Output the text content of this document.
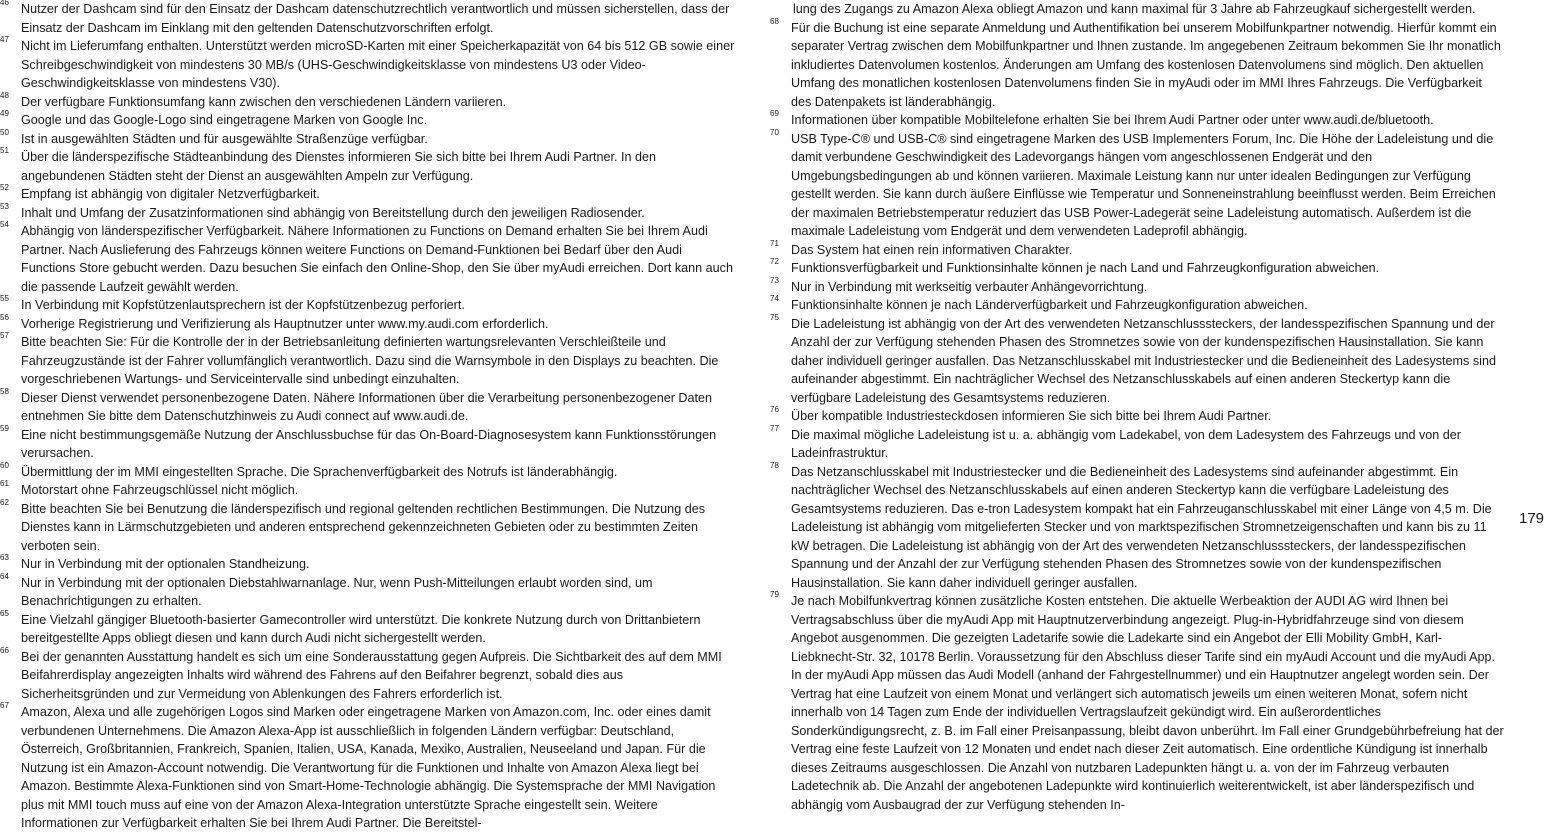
46 Nutzer der Dashcam sind für den Einsatz der Dashcam datenschutzrechtlich verantwortlich und müssen sicherstellen, dass der Einsatz der Dashcam im Einklang mit den geltenden Datenschutzvorschriften erfolgt.

47 Nicht im Lieferumfang enthalten. Unterstützt werden microSD-Karten mit einer Speicherkapazität von 64 bis 512 GB sowie einer Schreibgeschwindigkeit von mindestens 30 MB/s (UHS-Geschwindigkeitsklasse von mindestens U3 oder Video-Geschwindigkeitsklasse von mindestens V30).

48 Der verfügbare Funktionsumfang kann zwischen den verschiedenen Ländern variieren.

49 Google und das Google-Logo sind eingetragene Marken von Google Inc.

50 Ist in ausgewählten Städten und für ausgewählte Straßenzüge verfügbar.

51 Über die länderspezifische Städteanbindung des Dienstes informieren Sie sich bitte bei Ihrem Audi Partner. In den angebundenen Städten steht der Dienst an ausgewählten Ampeln zur Verfügung.

52 Empfang ist abhängig von digitaler Netzverfügbarkeit.

53 Inhalt und Umfang der Zusatzinformationen sind abhängig von Bereitstellung durch den jeweiligen Radiosender.

54 Abhängig von länderspezifischer Verfügbarkeit. Nähere Informationen zu Functions on Demand erhalten Sie bei Ihrem Audi Partner. Nach Auslieferung des Fahrzeugs können weitere Functions on Demand-Funktionen bei Bedarf über den Audi Functions Store gebucht werden. Dazu besuchen Sie einfach den Online-Shop, den Sie über myAudi erreichen. Dort kann auch die passende Laufzeit gewählt werden.

55 In Verbindung mit Kopfstützenlautsprechern ist der Kopfstützenbezug perforiert.

56 Vorherige Registrierung und Verifizierung als Hauptnutzer unter www.my.audi.com erforderlich.

57 Bitte beachten Sie: Für die Kontrolle der in der Betriebsanleitung definierten wartungsrelevanten Verschleißteile und Fahrzeugzustände ist der Fahrer vollumfänglich verantwortlich. Dazu sind die Warnsymbole in den Displays zu beachten. Die vorgeschriebenen Wartungs- und Serviceintervalle sind unbedingt einzuhalten.

58 Dieser Dienst verwendet personenbezogene Daten. Nähere Informationen über die Verarbeitung personenbezogener Daten entnehmen Sie bitte dem Datenschutzhinweis zu Audi connect auf www.audi.de.

59 Eine nicht bestimmungsgemäße Nutzung der Anschlussbuchse für das On-Board-Diagnosesystem kann Funktionsstörungen verursachen.

60 Übermittlung der im MMI eingestellten Sprache. Die Sprachenverfügbarkeit des Notrufs ist länderabhängig.

61 Motorstart ohne Fahrzeugschlüssel nicht möglich.

62 Bitte beachten Sie bei Benutzung die länderspezifisch und regional geltenden rechtlichen Bestimmungen. Die Nutzung des Dienstes kann in Lärmschutzgebieten und anderen entsprechend gekennzeichneten Gebieten oder zu bestimmten Zeiten verboten sein.

63 Nur in Verbindung mit der optionalen Standheizung.

64 Nur in Verbindung mit der optionalen Diebstahlwarnanlage. Nur, wenn Push-Mitteilungen erlaubt worden sind, um Benachrichtigungen zu erhalten.

65 Eine Vielzahl gängiger Bluetooth-basierter Gamecontroller wird unterstützt. Die konkrete Nutzung durch von Drittanbietern bereitgestellte Apps obliegt diesen und kann durch Audi nicht sichergestellt werden.

66 Bei der genannten Ausstattung handelt es sich um eine Sonderausstattung gegen Aufpreis. Die Sichtbarkeit des auf dem MMI Beifahrerdisplay angezeigten Inhalts wird während des Fahrens auf den Beifahrer begrenzt, sobald dies aus Sicherheitsgründen und zur Vermeidung von Ablenkungen des Fahrers erforderlich ist.

67 Amazon, Alexa und alle zugehörigen Logos sind Marken oder eingetragene Marken von Amazon.com, Inc. oder eines damit verbundenen Unternehmens. Die Amazon Alexa-App ist ausschließlich in folgenden Ländern verfügbar: Deutschland, Österreich, Großbritannien, Frankreich, Spanien, Italien, USA, Kanada, Mexiko, Australien, Neuseeland und Japan. Für die Nutzung ist ein Amazon-Account notwendig. Die Verantwortung für die Funktionen und Inhalte von Amazon Alexa liegt bei Amazon. Bestimmte Alexa-Funktionen sind von Smart-Home-Technologie abhängig. Die Systemsprache der MMI Navigation plus mit MMI touch muss auf eine von der Amazon Alexa-Integration unterstützte Sprache eingestellt sein. Weitere Informationen zur Verfügbarkeit erhalten Sie bei Ihrem Audi Partner. Die Bereitstel-

lung des Zugangs zu Amazon Alexa obliegt Amazon und kann maximal für 3 Jahre ab Fahrzeugkauf sichergestellt werden.

68 Für die Buchung ist eine separate Anmeldung und Authentifikation bei unserem Mobilfunkpartner notwendig. Hierfür kommt ein separater Vertrag zwischen dem Mobilfunkpartner und Ihnen zustande. Im angegebenen Zeitraum bekommen Sie Ihr monatlich inkludiertes Datenvolumen kostenlos. Änderungen am Umfang des kostenlosen Datenvolumens sind möglich. Den aktuellen Umfang des monatlichen kostenlosen Datenvolumens finden Sie in myAudi oder im MMI Ihres Fahrzeugs. Die Verfügbarkeit des Datenpakets ist länderabhängig.

69 Informationen über kompatible Mobiltelefone erhalten Sie bei Ihrem Audi Partner oder unter www.audi.de/bluetooth.

70 USB Type-C® und USB-C® sind eingetragene Marken des USB Implementers Forum, Inc. Die Höhe der Ladeleistung und die damit verbundene Geschwindigkeit des Ladevorgangs hängen vom angeschlossenen Endgerät und den Umgebungsbedingungen ab und können variieren. Maximale Leistung kann nur unter idealen Bedingungen zur Verfügung gestellt werden. Sie kann durch äußere Einflüsse wie Temperatur und Sonneneinstrahlung beeinflusst werden. Beim Erreichen der maximalen Betriebstemperatur reduziert das USB Power-Ladegerät seine Ladeleistung automatisch. Außerdem ist die maximale Ladeleistung vom Endgerät und dem verwendeten Ladeprofil abhängig.

71 Das System hat einen rein informativen Charakter.

72 Funktionsverfügbarkeit und Funktionsinhalte können je nach Land und Fahrzeugkonfiguration abweichen.

73 Nur in Verbindung mit werkseitig verbauter Anhängevorrichtung.

74 Funktionsinhalte können je nach Länderverfügbarkeit und Fahrzeugkonfiguration abweichen.

75 Die Ladeleistung ist abhängig von der Art des verwendeten Netzanschlusssteckers, der landesspezifischen Spannung und der Anzahl der zur Verfügung stehenden Phasen des Stromnetzes sowie von der kundenspezifischen Hausinstallation. Sie kann daher individuell geringer ausfallen. Das Netzanschlusskabel mit Industriestecker und die Bedieneinheit des Ladesystems sind aufeinander abgestimmt. Ein nachträglicher Wechsel des Netzanschlusskabels auf einen anderen Steckertyp kann die verfügbare Ladeleistung des Gesamtsystems reduzieren.

76 Über kompatible Industriesteckdosen informieren Sie sich bitte bei Ihrem Audi Partner.

77 Die maximal mögliche Ladeleistung ist u. a. abhängig vom Ladekabel, von dem Ladesystem des Fahrzeugs und von der Ladeinfrastruktur.

78 Das Netzanschlusskabel mit Industriestecker und die Bedieneinheit des Ladesystems sind aufeinander abgestimmt. Ein nachträglicher Wechsel des Netzanschlusskabels auf einen anderen Steckertyp kann die verfügbare Ladeleistung des Gesamtsystems reduzieren. Das e-tron Ladesystem kompakt hat ein Fahrzeuganschlusskabel mit einer Länge von 4,5 m. Die Ladeleistung ist abhängig vom mitgelieferten Stecker und von marktspezifischen Stromnetzeigenschaften und kann bis zu 11 kW betragen. Die Ladeleistung ist abhängig von der Art des verwendeten Netzanschlusssteckers, der landesspezifischen Spannung und der Anzahl der zur Verfügung stehenden Phasen des Stromnetzes sowie von der kundenspezifischen Hausinstallation. Sie kann daher individuell geringer ausfallen.

79 Je nach Mobilfunkvertrag können zusätzliche Kosten entstehen. Die aktuelle Werbeaktion der AUDI AG wird Ihnen bei Vertragsabschluss über die myAudi App mit Hauptnutzerverbindung angezeigt. Plug-in-Hybridfahrzeuge sind von diesem Angebot ausgenommen. Die gezeigten Ladetarife sowie die Ladekarte sind ein Angebot der Elli Mobility GmbH, Karl-Liebknecht-Str. 32, 10178 Berlin. Voraussetzung für den Abschluss dieser Tarife sind ein myAudi Account und die myAudi App. In der myAudi App müssen das Audi Modell (anhand der Fahrgestellnummer) und ein Hauptnutzer angelegt worden sein. Der Vertrag hat eine Laufzeit von einem Monat und verlängert sich automatisch jeweils um einen weiteren Monat, sofern nicht innerhalb von 14 Tagen zum Ende der individuellen Vertragslaufzeit gekündigt wird. Ein außerordentliches Sonderkündigungsrecht, z. B. im Fall einer Preisanpassung, bleibt davon unberührt. Im Fall einer Grundgebührbefreiung hat der Vertrag eine feste Laufzeit von 12 Monaten und endet nach dieser Zeit automatisch. Eine ordentliche Kündigung ist innerhalb dieses Zeitraums ausgeschlossen. Die Anzahl von nutzbaren Ladepunkten hängt u. a. von der im Fahrzeug verbauten Ladetechnik ab. Die Anzahl der angebotenen Ladepunkte wird kontinuierlich weiterentwickelt, ist aber länderspezifisch und abhängig vom Ausbaugrad der zur Verfügung stehenden In-

179
